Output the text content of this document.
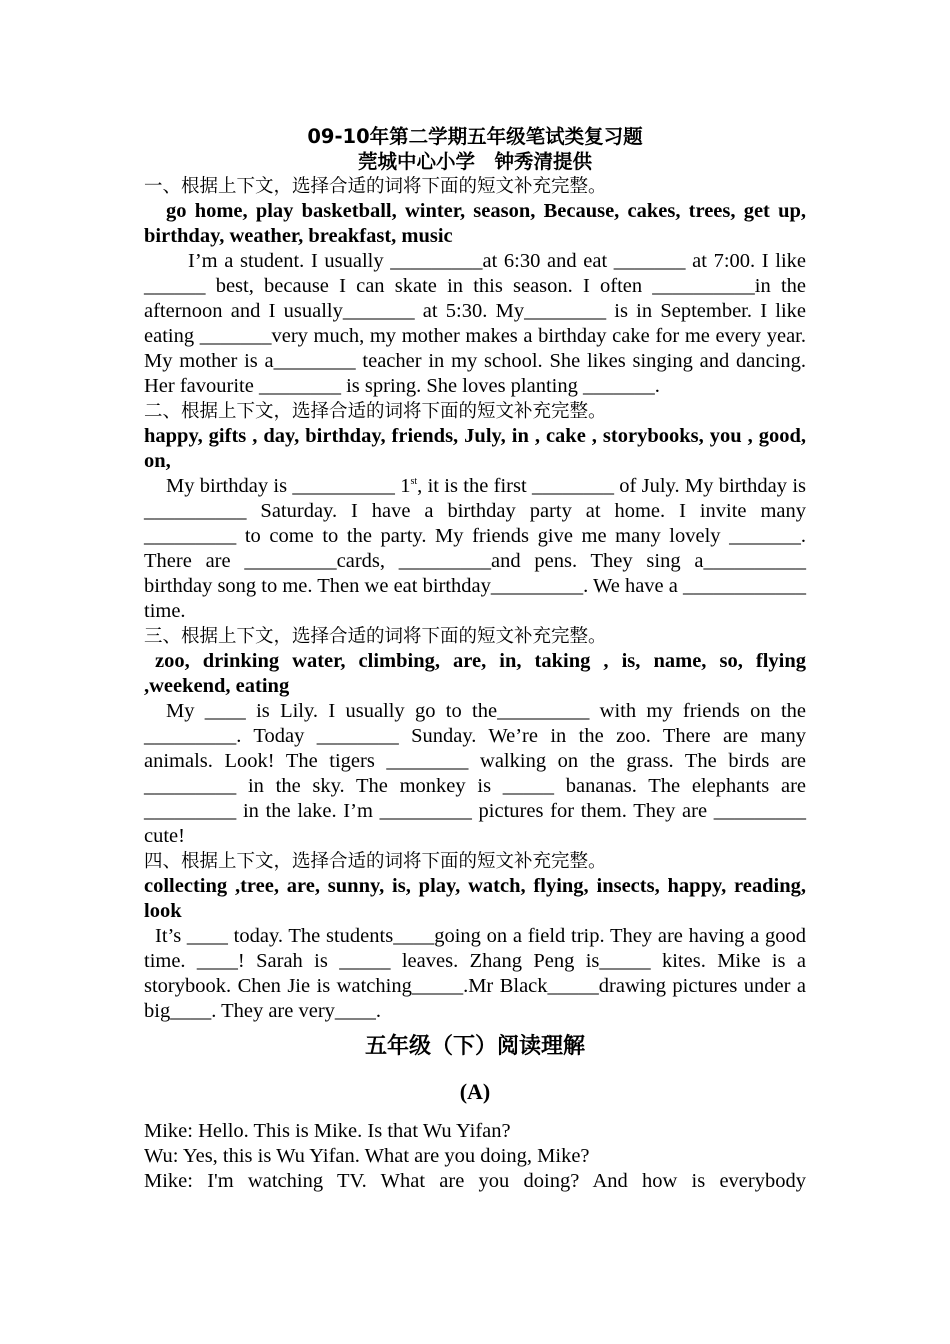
09-10年第二学期五年级笔试类复习题
莞城中心小学　钟秀清提供
一、根据上下文，选择合适的词将下面的短文补充完整。
go home, play basketball, winter, season, Because, cakes, trees, get up, birthday, weather, breakfast, music
I’m a student. I usually _________at 6:30 and eat _______ at 7:00. I like ______ best, because I can skate in this season. I often __________in the afternoon and I usually_______ at 5:30. My________ is in September. I like eating _______very much, my mother makes a birthday cake for me every year. My mother is a________ teacher in my school. She likes singing and dancing. Her favourite ________ is spring. She loves planting _______.
二、根据上下文，选择合适的词将下面的短文补充完整。
happy, gifts , day, birthday, friends, July, in , cake , storybooks, you , good, on,
My birthday is __________ 1st, it is the first ________ of July. My birthday is __________ Saturday. I have a birthday party at home. I invite many _________ to come to the party. My friends give me many lovely _______. There are _________cards, _________and pens. They sing a__________ birthday song to me. Then we eat birthday_________. We have a ____________ time.
三、根据上下文，选择合适的词将下面的短文补充完整。
zoo, drinking water, climbing, are, in, taking , is, name, so, flying ,weekend, eating
My ____ is Lily. I usually go to the_________ with my friends on the _________. Today ________ Sunday. We’re in the zoo. There are many animals. Look! The tigers ________ walking on the grass. The birds are _________ in the sky. The monkey is _____ bananas. The elephants are _________ in the lake. I’m _________ pictures for them. They are _________ cute!
四、根据上下文，选择合适的词将下面的短文补充完整。
collecting ,tree, are, sunny, is, play, watch, flying, insects, happy, reading, look
It’s ____ today. The students____going on a field trip. They are having a good time. ____! Sarah is _____ leaves. Zhang Peng is_____ kites. Mike is a storybook. Chen Jie is watching_____.Mr Black_____drawing pictures under a big____. They are very____.
五年级（下）阅读理解
(A)
Mike: Hello. This is Mike. Is that Wu Yifan?
Wu: Yes, this is Wu Yifan. What are you doing, Mike?
Mike: I'm watching TV. What are you doing? And how is everybody
